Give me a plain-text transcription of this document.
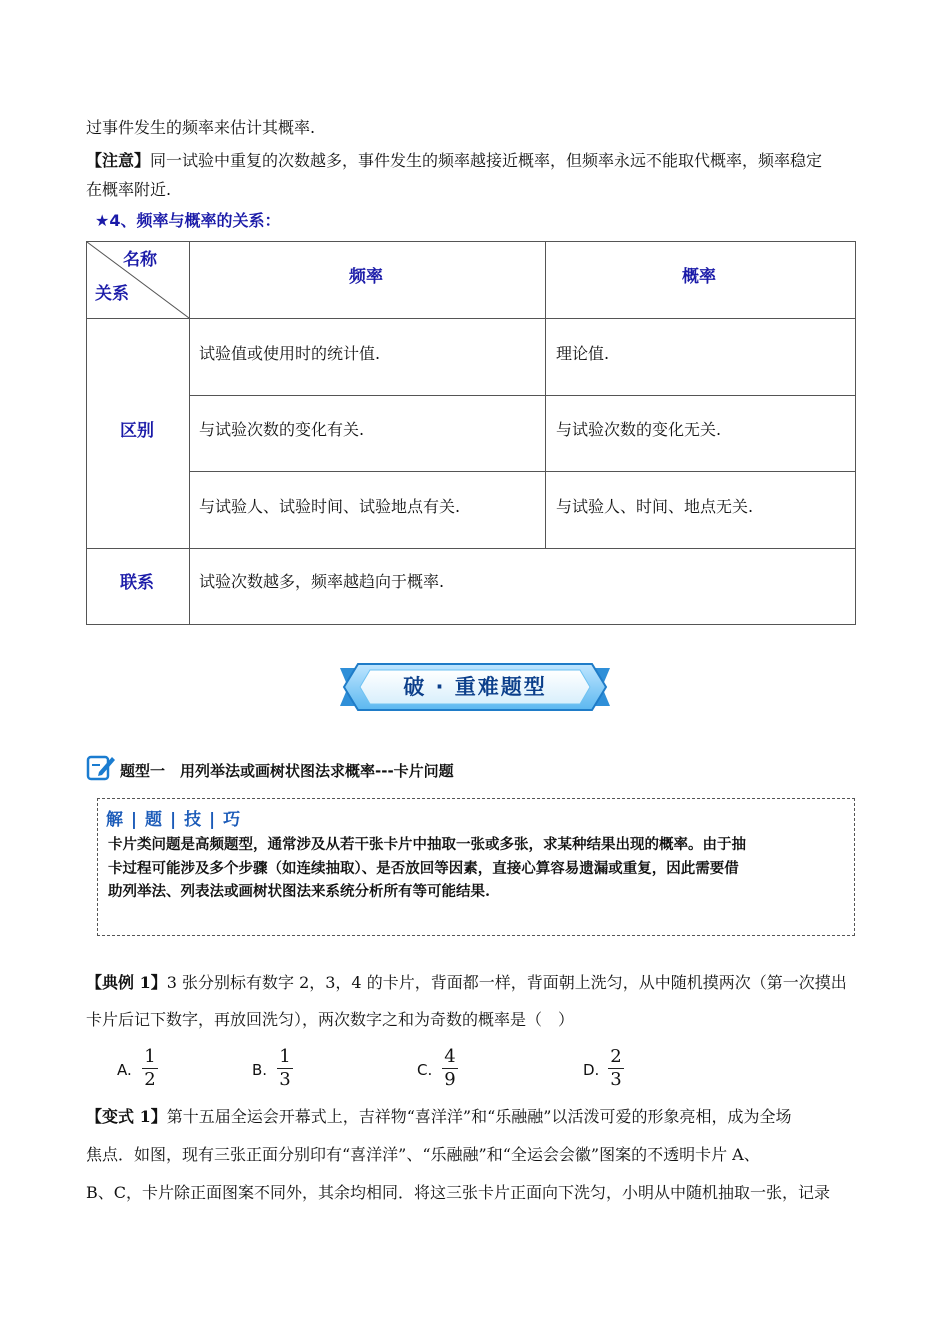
过事件发生的频率来估计其概率.
【注意】同一试验中重复的次数越多，事件发生的频率越接近概率，但频率永远不能取代概率，频率稳定
在概率附近.
★4、频率与概率的关系：
名称
关系
频率	概率
区别
试验值或使用时的统计值.	理论值.
与试验次数的变化有关.	与试验次数的变化无关.
与试验人、试验时间、试验地点有关.	与试验人、时间、地点无关.
联系	试验次数越多，频率越趋向于概率.
破 · 重难题型
题型一　用列举法或画树状图法求概率---卡片问题
解 | 题 | 技 | 巧
卡片类问题是高频题型，通常涉及从若干张卡片中抽取一张或多张，求某种结果出现的概率。由于抽
卡过程可能涉及多个步骤（如连续抽取）、是否放回等因素，直接心算容易遗漏或重复，因此需要借
助列举法、列表法或画树状图法来系统分析所有等可能结果.
【典例 1】3 张分别标有数字 2，3，4 的卡片，背面都一样，背面朝上洗匀，从中随机摸两次（第一次摸出
卡片后记下数字，再放回洗匀），两次数字之和为奇数的概率是（　）
A.
1
2	B.
1
3	C.
4
9	D.
2
3
【变式 1】第十五届全运会开幕式上，吉祥物“喜洋洋”和“乐融融”以活泼可爱的形象亮相，成为全场
焦点．如图，现有三张正面分别印有“喜洋洋”、“乐融融”和“全运会会徽”图案的不透明卡片 A、
B、C，卡片除正面图案不同外，其余均相同．将这三张卡片正面向下洗匀，小明从中随机抽取一张，记录
